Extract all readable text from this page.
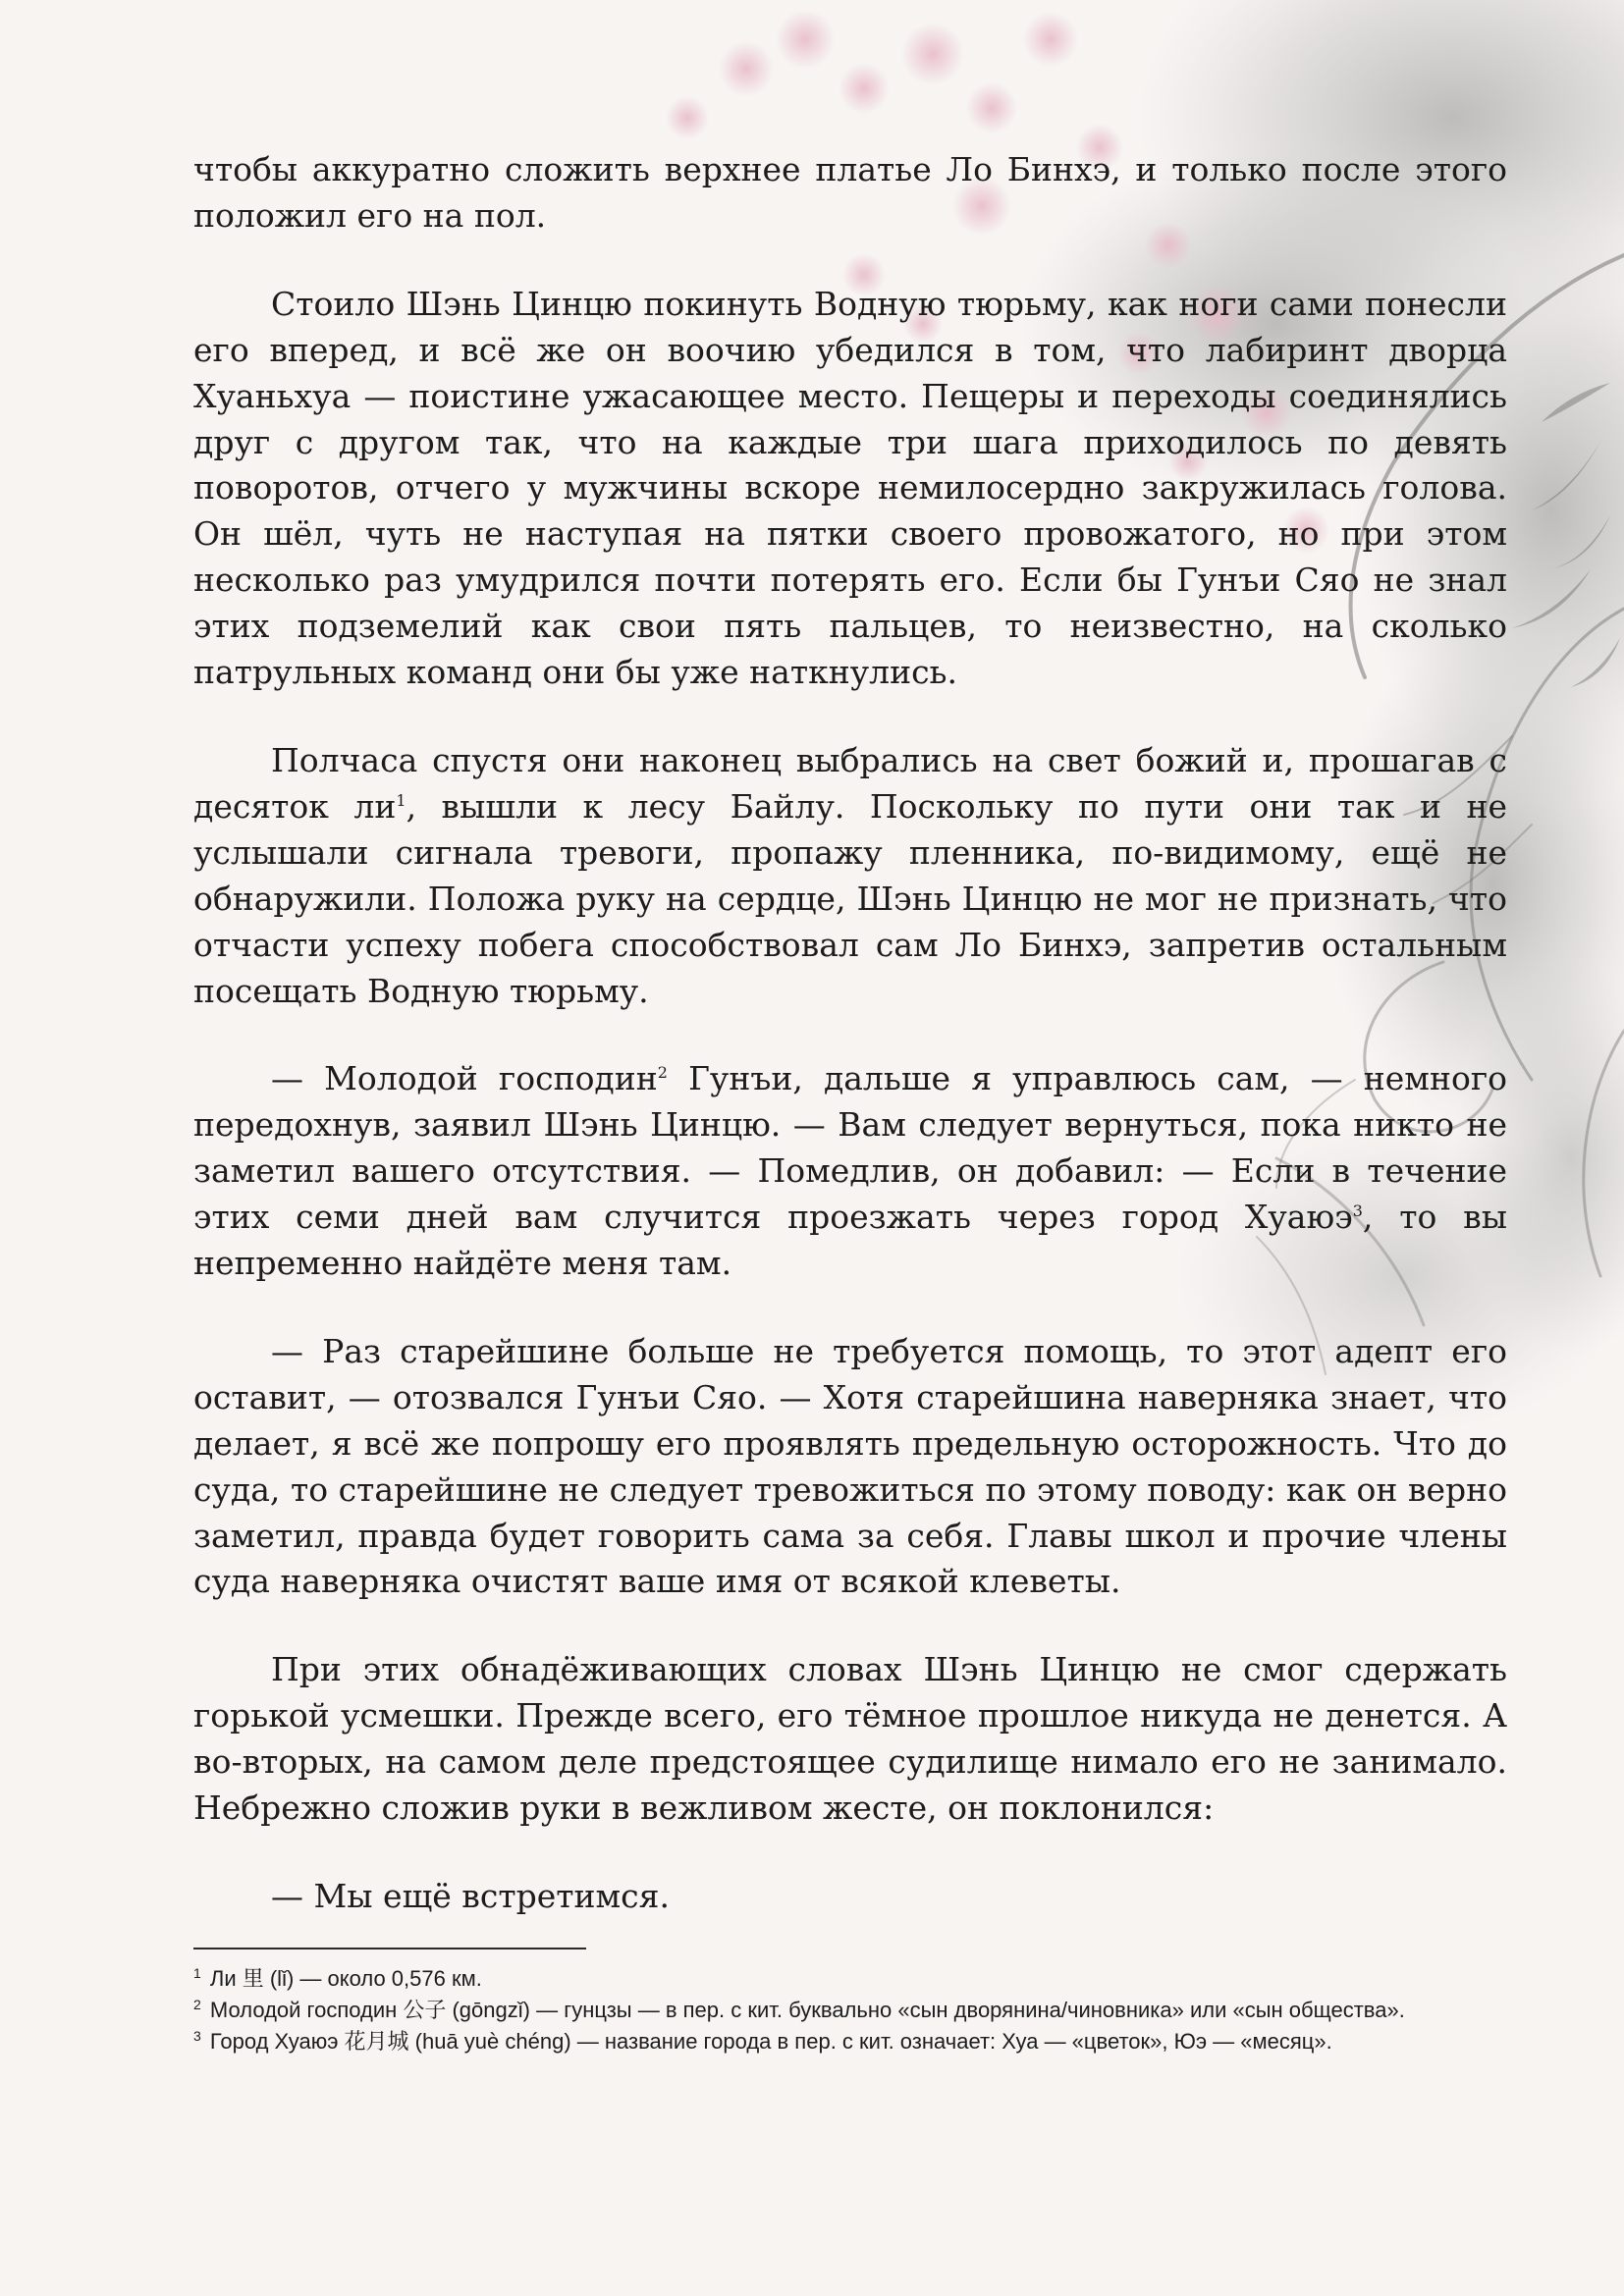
чтобы аккуратно сложить верхнее платье Ло Бинхэ, и только после этого положил его на пол.

Стоило Шэнь Цинцю покинуть Водную тюрьму, как ноги сами понесли его вперед, и всё же он воочию убедился в том, что лабиринт дворца Хуаньхуа — поистине ужасающее место. Пещеры и переходы соединялись друг с другом так, что на каждые три шага приходилось по девять поворотов, отчего у мужчины вскоре немилосердно закружилась голова. Он шёл, чуть не наступая на пятки своего провожатого, но при этом несколько раз умудрился почти потерять его. Если бы Гунъи Сяо не знал этих подземелий как свои пять пальцев, то неизвестно, на сколько патрульных команд они бы уже наткнулись.

Полчаса спустя они наконец выбрались на свет божий и, прошагав с десяток $ли^1$, вышли к лесу Байлу. Поскольку по пути они так и не услышали сигнала тревоги, пропажу пленника, по-видимому, ещё не обнаружили. Положа руку на сердце, Шэнь Цинцю не мог не признать, что отчасти успеху побега способствовал сам Ло Бинхэ, запретив остальным посещать Водную тюрьму.

— Молодой господин$^2$ Гунъи, дальше я управлюсь сам, — немного передохнув, заявил Шэнь Цинцю. — Вам следует вернуться, пока никто не заметил вашего отсутствия. — Помедлив, он добавил: — Если в течение этих семи дней вам случится проезжать через город Хуаюэ$^3$, то вы непременно найдёте меня там.

— Раз старейшине больше не требуется помощь, то этот адепт его оставит, — отозвался Гунъи Сяо. — Хотя старейшина наверняка знает, что делает, я всё же попрошу его проявлять предельную осторожность. Что до суда, то старейшине не следует тревожиться по этому поводу: как он верно заметил, правда будет говорить сама за себя. Главы школ и прочие члены суда наверняка очистят ваше имя от всякой клеветы.

При этих обнадёживающих словах Шэнь Цинцю не смог сдержать горькой усмешки. Прежде всего, его тёмное прошлое никуда не денется. А во-вторых, на самом деле предстоящее судилище нимало его не занимало. Небрежно сложив руки в вежливом жесте, он поклонился:

— Мы ещё встретимся.

$^1$ Ли 里 (lǐ) — около 0,576 км.

$^2$ Молодой господин 公子 (gōngzǐ) — гунцзы — в пер. с кит. буквально «сын дворянина/чиновника» или «сын общества».

$^3$ Город Хуаюэ 花月城 (huā yuè chéng) — название города в пер. с кит. означает: Хуа — «цветок», Юэ — «месяц».
